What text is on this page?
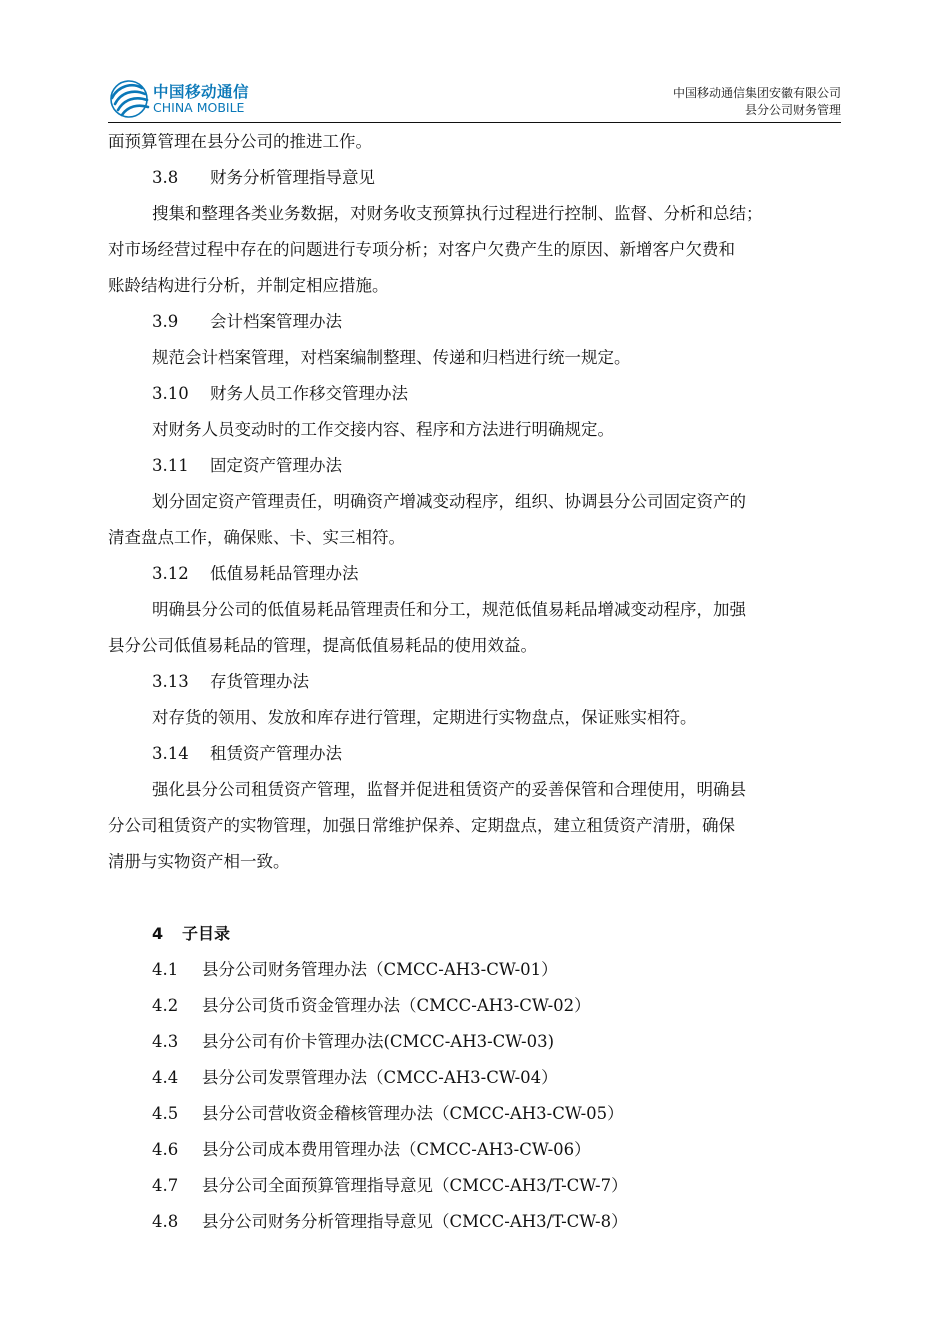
中国移动通信
CHINA MOBILE
中国移动通信集团安徽有限公司
县分公司财务管理
面预算管理在县分公司的推进工作。
3.8 财务分析管理指导意见
搜集和整理各类业务数据，对财务收支预算执行过程进行控制、监督、分析和总结；
对市场经营过程中存在的问题进行专项分析；对客户欠费产生的原因、新增客户欠费和
账龄结构进行分析，并制定相应措施。
3.9 会计档案管理办法
规范会计档案管理，对档案编制整理、传递和归档进行统一规定。
3.10 财务人员工作移交管理办法
对财务人员变动时的工作交接内容、程序和方法进行明确规定。
3.11 固定资产管理办法
划分固定资产管理责任，明确资产增减变动程序，组织、协调县分公司固定资产的
清查盘点工作，确保账、卡、实三相符。
3.12 低值易耗品管理办法
明确县分公司的低值易耗品管理责任和分工，规范低值易耗品增减变动程序，加强
县分公司低值易耗品的管理，提高低值易耗品的使用效益。
3.13 存货管理办法
对存货的领用、发放和库存进行管理，定期进行实物盘点，保证账实相符。
3.14 租赁资产管理办法
强化县分公司租赁资产管理，监督并促进租赁资产的妥善保管和合理使用，明确县
分公司租赁资产的实物管理，加强日常维护保养、定期盘点，建立租赁资产清册，确保
清册与实物资产相一致。
4 子目录
4.1 县分公司财务管理办法（CMCC-AH3-CW-01）
4.2 县分公司货币资金管理办法（CMCC-AH3-CW-02）
4.3 县分公司有价卡管理办法(CMCC-AH3-CW-03)
4.4 县分公司发票管理办法（CMCC-AH3-CW-04）
4.5 县分公司营收资金稽核管理办法（CMCC-AH3-CW-05）
4.6 县分公司成本费用管理办法（CMCC-AH3-CW-06）
4.7 县分公司全面预算管理指导意见（CMCC-AH3/T-CW-7）
4.8 县分公司财务分析管理指导意见（CMCC-AH3/T-CW-8）
